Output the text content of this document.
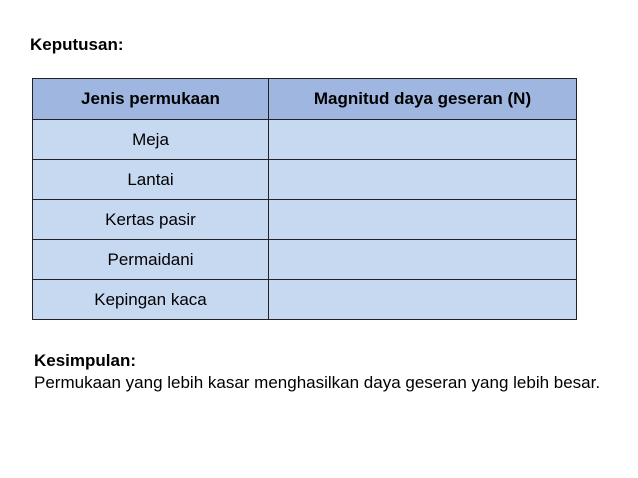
Keputusan:
Jenis permukaan	Magnitud daya geseran (N)
Meja	
Lantai	
Kertas pasir	
Permaidani	
Kepingan kaca	

Kesimpulan:

Permukaan yang lebih kasar menghasilkan daya geseran yang lebih besar.
